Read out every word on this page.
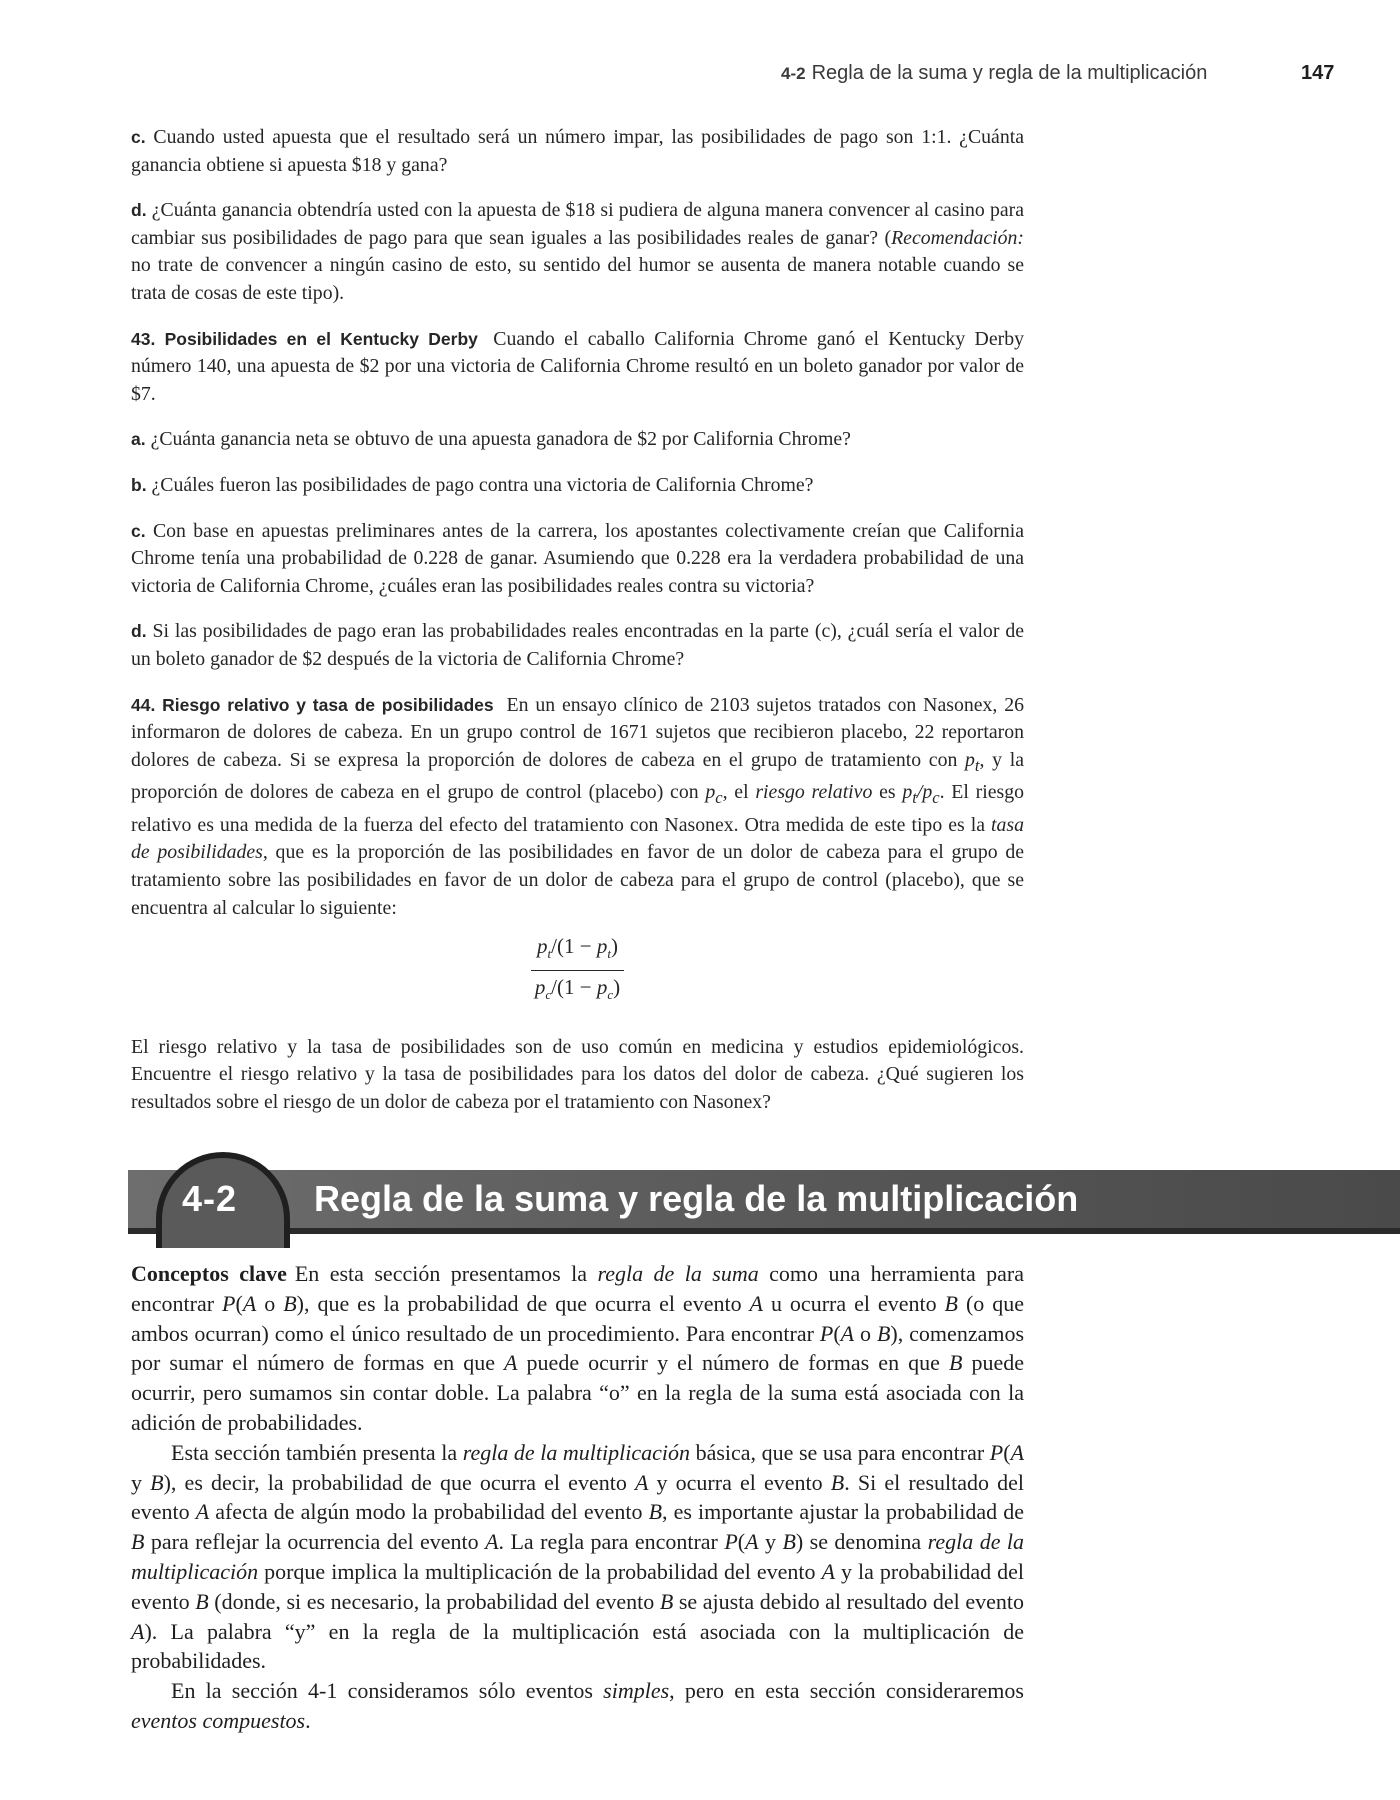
4-2 Regla de la suma y regla de la multiplicación	147

c. Cuando usted apuesta que el resultado será un número impar, las posibilidades de pago son 1:1. ¿Cuánta ganancia obtiene si apuesta $18 y gana?

d. ¿Cuánta ganancia obtendría usted con la apuesta de $18 si pudiera de alguna manera convencer al casino para cambiar sus posibilidades de pago para que sean iguales a las posibilidades reales de ganar? (Recomendación: no trate de convencer a ningún casino de esto, su sentido del humor se ausenta de manera notable cuando se trata de cosas de este tipo).

43. Posibilidades en el Kentucky Derby Cuando el caballo California Chrome ganó el Kentucky Derby número 140, una apuesta de $2 por una victoria de California Chrome resultó en un boleto ganador por valor de $7.

a. ¿Cuánta ganancia neta se obtuvo de una apuesta ganadora de $2 por California Chrome?

b. ¿Cuáles fueron las posibilidades de pago contra una victoria de California Chrome?

c. Con base en apuestas preliminares antes de la carrera, los apostantes colectivamente creían que California Chrome tenía una probabilidad de 0.228 de ganar. Asumiendo que 0.228 era la verdadera probabilidad de una victoria de California Chrome, ¿cuáles eran las posibilidades reales contra su victoria?

d. Si las posibilidades de pago eran las probabilidades reales encontradas en la parte (c), ¿cuál sería el valor de un boleto ganador de $2 después de la victoria de California Chrome?

44. Riesgo relativo y tasa de posibilidades En un ensayo clínico de 2103 sujetos tratados con Nasonex, 26 informaron de dolores de cabeza. En un grupo control de 1671 sujetos que recibieron placebo, 22 reportaron dolores de cabeza. Si se expresa la proporción de dolores de cabeza en el grupo de tratamiento con $p_t$, y la proporción de dolores de cabeza en el grupo de control (placebo) con $p_c$, el riesgo relativo es $p_t/p_c$. El riesgo relativo es una medida de la fuerza del efecto del tratamiento con Nasonex. Otra medida de este tipo es la tasa de posibilidades, que es la proporción de las posibilidades en favor de un dolor de cabeza para el grupo de tratamiento sobre las posibilidades en favor de un dolor de cabeza para el grupo de control (placebo), que se encuentra al calcular lo siguiente:

$\frac{p_t/(1 - p_t)}{p_c/(1 - p_c)}$

El riesgo relativo y la tasa de posibilidades son de uso común en medicina y estudios epidemiológicos. Encuentre el riesgo relativo y la tasa de posibilidades para los datos del dolor de cabeza. ¿Qué sugieren los resultados sobre el riesgo de un dolor de cabeza por el tratamiento con Nasonex?

4-2 Regla de la suma y regla de la multiplicación

Conceptos clave En esta sección presentamos la regla de la suma como una herramienta para encontrar P(A o B), que es la probabilidad de que ocurra el evento A u ocurra el evento B (o que ambos ocurran) como el único resultado de un procedimiento. Para encontrar P(A o B), comenzamos por sumar el número de formas en que A puede ocurrir y el número de formas en que B puede ocurrir, pero sumamos sin contar doble. La palabra “o” en la regla de la suma está asociada con la adición de probabilidades.

Esta sección también presenta la regla de la multiplicación básica, que se usa para encontrar P(A y B), es decir, la probabilidad de que ocurra el evento A y ocurra el evento B. Si el resultado del evento A afecta de algún modo la probabilidad del evento B, es importante ajustar la probabilidad de B para reflejar la ocurrencia del evento A. La regla para encontrar P(A y B) se denomina regla de la multiplicación porque implica la multiplicación de la probabilidad del evento A y la probabilidad del evento B (donde, si es necesario, la probabilidad del evento B se ajusta debido al resultado del evento A). La palabra “y” en la regla de la multiplicación está asociada con la multiplicación de probabilidades.

En la sección 4-1 consideramos sólo eventos simples, pero en esta sección consideraremos eventos compuestos.
